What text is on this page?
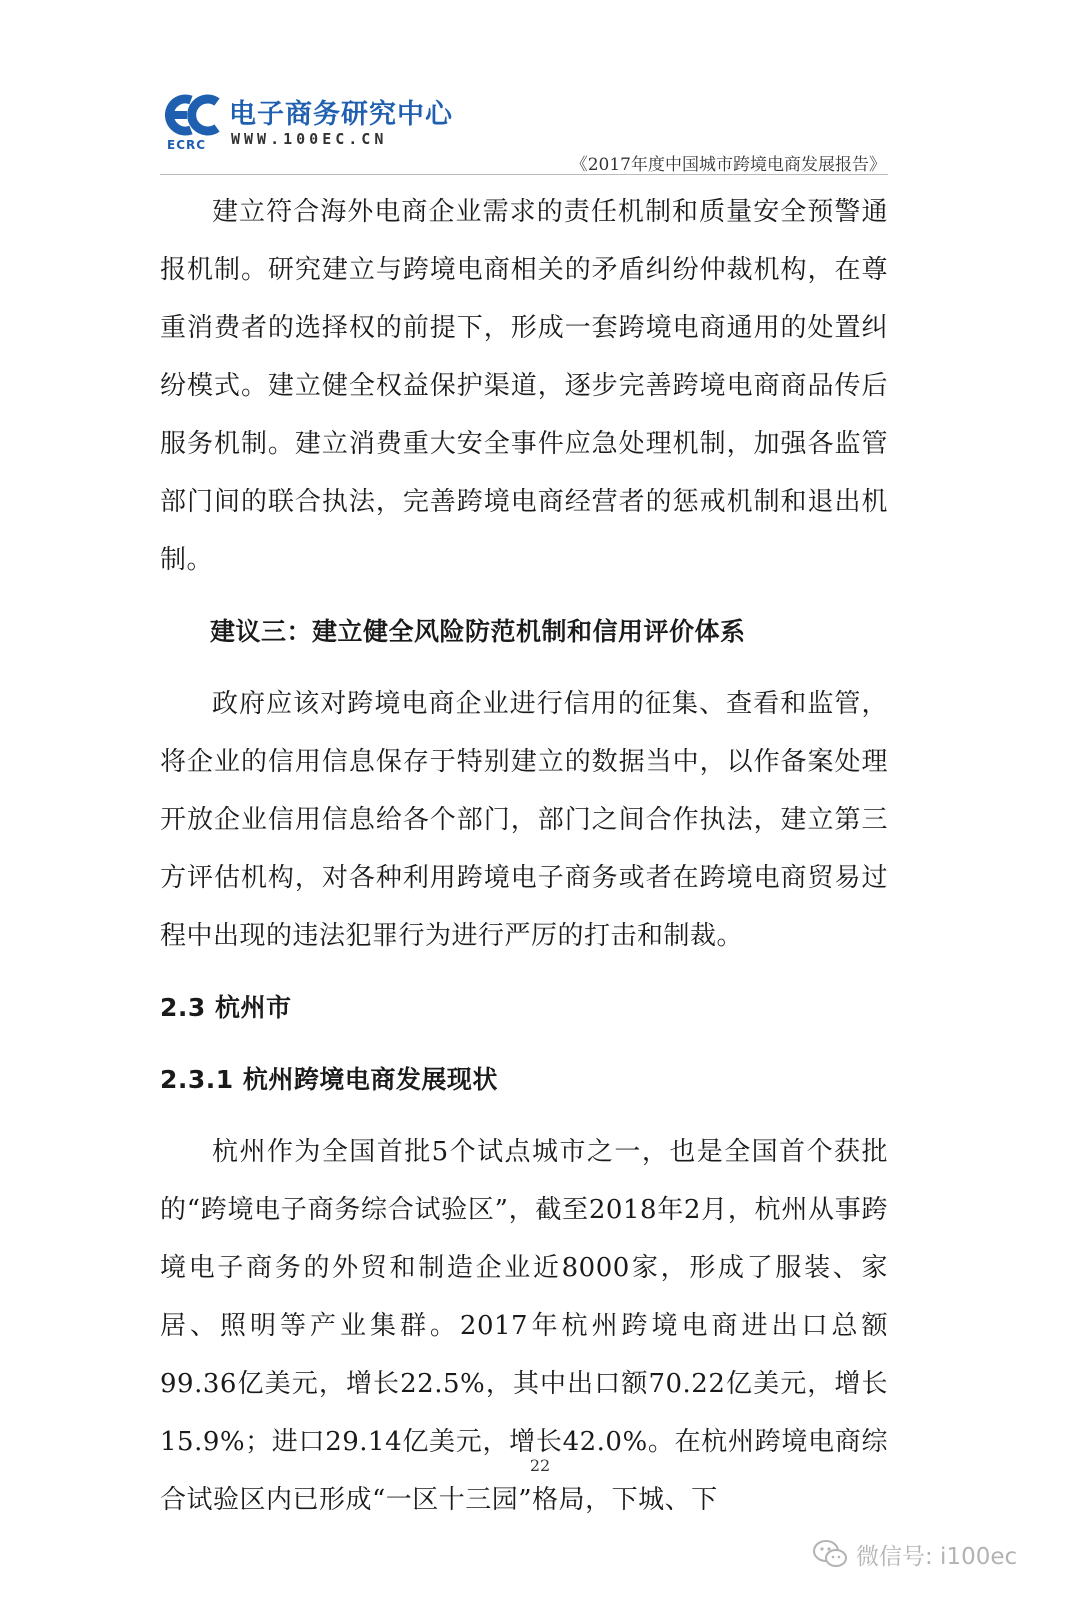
ECRC
电子商务研究中心
WWW.100EC.CN
《2017年度中国城市跨境电商发展报告》

建立符合海外电商企业需求的责任机制和质量安全预警通报机制。研究建立与跨境电商相关的矛盾纠纷仲裁机构，在尊重消费者的选择权的前提下，形成一套跨境电商通用的处置纠纷模式。建立健全权益保护渠道，逐步完善跨境电商商品传后服务机制。建立消费重大安全事件应急处理机制，加强各监管部门间的联合执法，完善跨境电商经营者的惩戒机制和退出机制。

建议三：建立健全风险防范机制和信用评价体系

政府应该对跨境电商企业进行信用的征集、查看和监管，将企业的信用信息保存于特别建立的数据当中，以作备案处理开放企业信用信息给各个部门，部门之间合作执法，建立第三方评估机构，对各种利用跨境电子商务或者在跨境电商贸易过程中出现的违法犯罪行为进行严厉的打击和制裁。

2.3 杭州市
2.3.1 杭州跨境电商发展现状

杭州作为全国首批5个试点城市之一，也是全国首个获批的“跨境电子商务综合试验区”，截至2018年2月，杭州从事跨境电子商务的外贸和制造企业近8000家，形成了服装、家居、照明等产业集群。2017年杭州跨境电商进出口总额99.36亿美元，增长22.5%，其中出口额70.22亿美元，增长15.9%；进口29.14亿美元，增长42.0%。在杭州跨境电商综合试验区内已形成“一区十三园”格局，下城、下

22
微信号: i100ec
